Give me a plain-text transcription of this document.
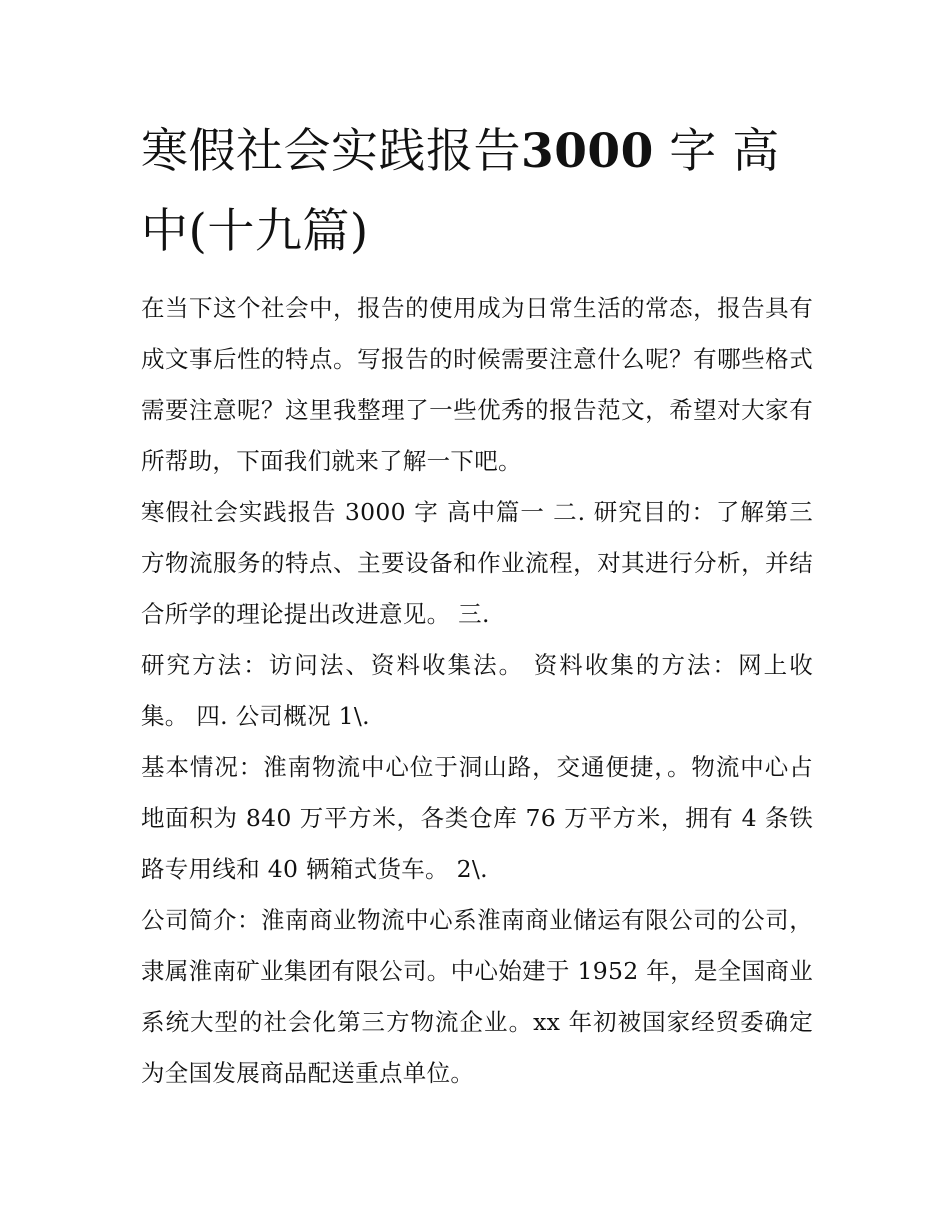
寒假社会实践报告3000 字 高中(十九篇)

在当下这个社会中，报告的使用成为日常生活的常态，报告具有成文事后性的特点。写报告的时候需要注意什么呢？有哪些格式需要注意呢？这里我整理了一些优秀的报告范文，希望对大家有所帮助，下面我们就来了解一下吧。

寒假社会实践报告 3000 字 高中篇一 二. 研究目的：了解第三方物流服务的特点、主要设备和作业流程，对其进行分析，并结合所学的理论提出改进意见。 三.

研究方法：访问法、资料收集法。 资料收集的方法：网上收集。 四. 公司概况 1\.

基本情况：淮南物流中心位于洞山路，交通便捷，。物流中心占地面积为 840 万平方米，各类仓库 76 万平方米，拥有 4 条铁路专用线和 40 辆箱式货车。 2\.

公司简介：淮南商业物流中心系淮南商业储运有限公司的公司，隶属淮南矿业集团有限公司。中心始建于 1952 年，是全国商业系统大型的社会化第三方物流企业。xx 年初被国家经贸委确定为全国发展商品配送重点单位。
